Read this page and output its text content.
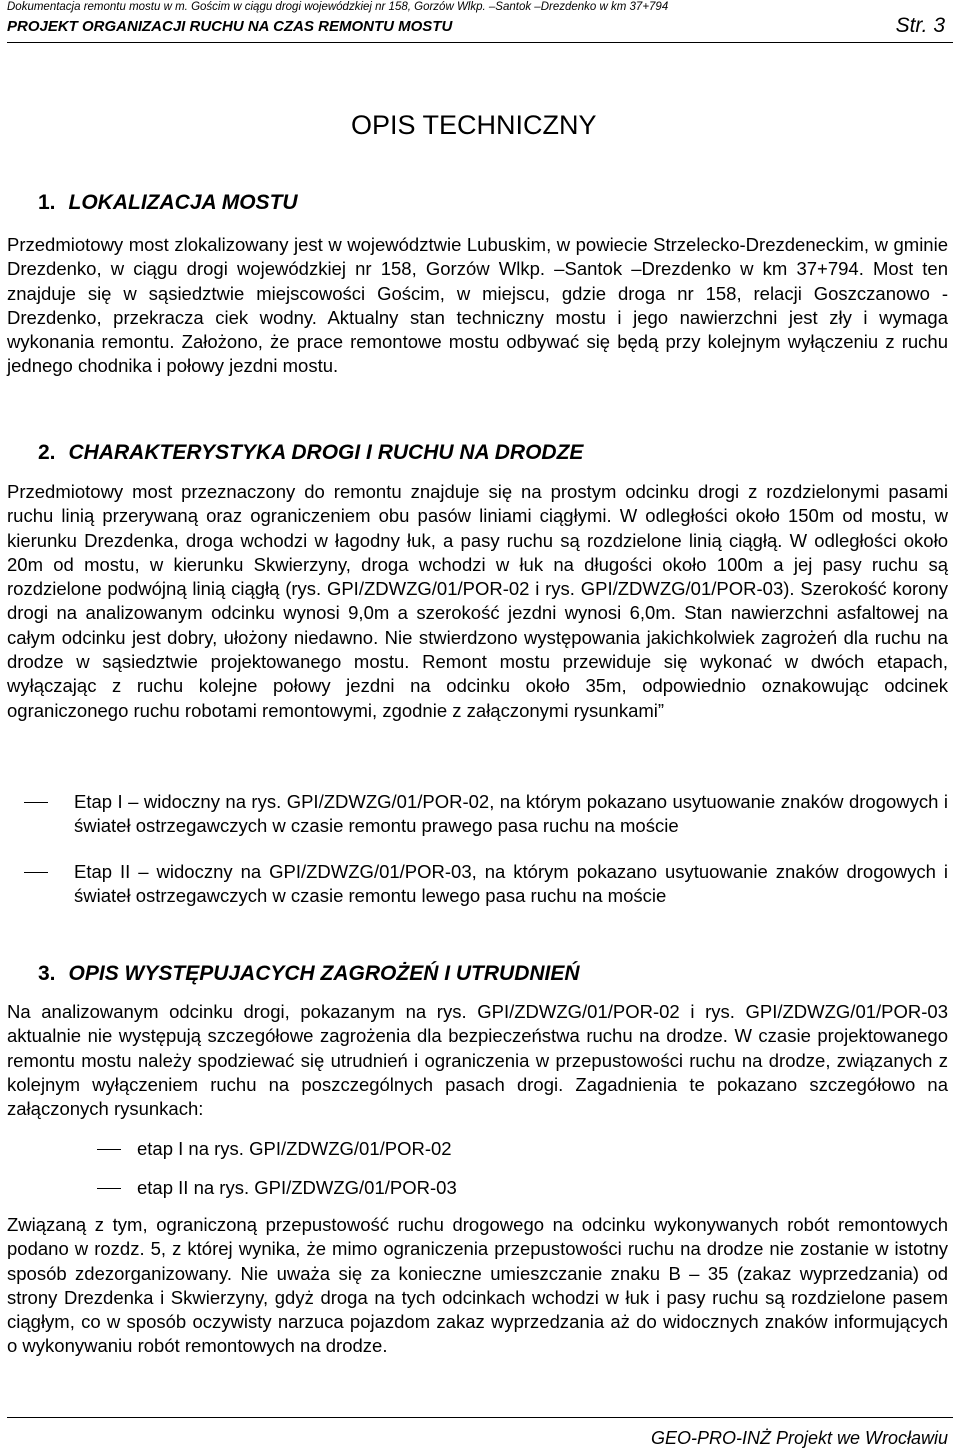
Dokumentacja remontu mostu w m. Gościm w ciągu drogi wojewódzkiej nr 158, Gorzów Wlkp. –Santok –Drezdenko w km 37+794
PROJEKT ORGANIZACJI RUCHU NA CZAS REMONTU MOSTU	Str. 3
OPIS TECHNICZNY
1. LOKALIZACJA MOSTU
Przedmiotowy most zlokalizowany jest w województwie Lubuskim, w powiecie Strzelecko-Drezdeneckim, w gminie Drezdenko, w ciągu drogi wojewódzkiej nr 158, Gorzów Wlkp. –Santok –Drezdenko w km 37+794. Most ten znajduje się w sąsiedztwie miejscowości Gościm, w miejscu, gdzie droga nr 158, relacji Goszczanowo - Drezdenko, przekracza ciek wodny. Aktualny stan techniczny mostu i jego nawierzchni jest zły i wymaga wykonania remontu. Założono, że prace remontowe mostu odbywać się będą przy kolejnym wyłączeniu z ruchu jednego chodnika i połowy jezdni mostu.
2. CHARAKTERYSTYKA DROGI I RUCHU NA DRODZE
Przedmiotowy most przeznaczony do remontu znajduje się na prostym odcinku drogi z rozdzielonymi pasami ruchu linią przerywaną oraz ograniczeniem obu pasów liniami ciągłymi. W odległości około 150m od mostu, w kierunku Drezdenka, droga wchodzi w łagodny łuk, a pasy ruchu są rozdzielone linią ciągłą. W odległości około 20m od mostu, w kierunku Skwierzyny, droga wchodzi w łuk na długości około 100m a jej pasy ruchu są rozdzielone podwójną linią ciągłą (rys. GPI/ZDWZG/01/POR-02 i rys. GPI/ZDWZG/01/POR-03). Szerokość korony drogi na analizowanym odcinku wynosi 9,0m a szerokość jezdni wynosi 6,0m. Stan nawierzchni asfaltowej na całym odcinku jest dobry, ułożony niedawno. Nie stwierdzono występowania jakichkolwiek zagrożeń dla ruchu na drodze w sąsiedztwie projektowanego mostu. Remont mostu przewiduje się wykonać w dwóch etapach, wyłączając z ruchu kolejne połowy jezdni na odcinku około 35m, odpowiednio oznakowując odcinek ograniczonego ruchu robotami remontowymi, zgodnie z załączonymi rysunkami”
Etap I – widoczny na rys. GPI/ZDWZG/01/POR-02, na którym pokazano usytuowanie znaków drogowych i świateł ostrzegawczych w czasie remontu prawego pasa ruchu na moście
Etap II – widoczny na GPI/ZDWZG/01/POR-03, na którym pokazano usytuowanie znaków drogowych i świateł ostrzegawczych w czasie remontu lewego pasa ruchu na moście
3. OPIS WYSTĘPUJACYCH ZAGROŻEŃ I UTRUDNIEŃ
Na analizowanym odcinku drogi, pokazanym na rys. GPI/ZDWZG/01/POR-02 i rys. GPI/ZDWZG/01/POR-03 aktualnie nie występują szczegółowe zagrożenia dla bezpieczeństwa ruchu na drodze. W czasie projektowanego remontu mostu należy spodziewać się utrudnień i ograniczenia w przepustowości ruchu na drodze, związanych z kolejnym wyłączeniem ruchu na poszczególnych pasach drogi. Zagadnienia te pokazano szczegółowo na załączonych rysunkach:
etap I na rys. GPI/ZDWZG/01/POR-02
etap II na rys. GPI/ZDWZG/01/POR-03
Związaną z tym, ograniczoną przepustowość ruchu drogowego na odcinku wykonywanych robót remontowych podano w rozdz. 5, z której wynika, że mimo ograniczenia przepustowości ruchu na drodze nie zostanie w istotny sposób zdezorganizowany. Nie uważa się za konieczne umieszczanie znaku B – 35 (zakaz wyprzedzania) od strony Drezdenka i Skwierzyny, gdyż droga na tych odcinkach wchodzi w łuk i pasy ruchu są rozdzielone pasem ciągłym, co w sposób oczywisty narzuca pojazdom zakaz wyprzedzania aż do widocznych znaków informujących o wykonywaniu robót remontowych na drodze.
GEO-PRO-INŻ Projekt we Wrocławiu
